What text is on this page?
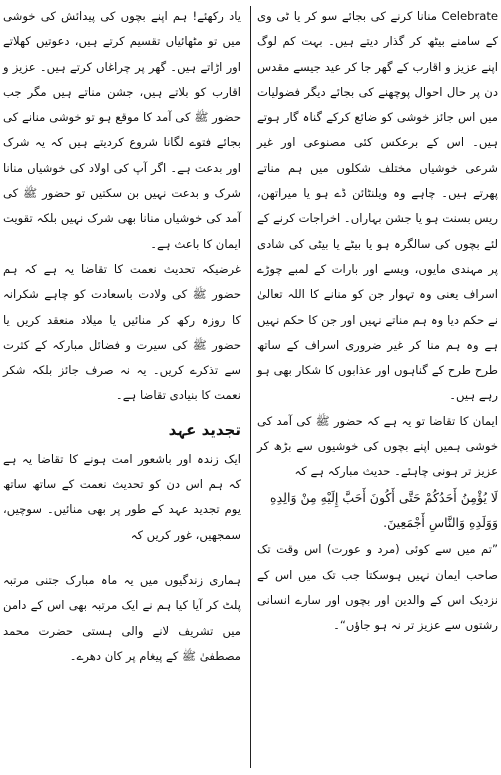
Celebrate منانا کرنے کی بجائے سو کر یا ٹی وی کے سامنے بیٹھ کر گذار دیتے ہیں۔ بہت کم لوگ اپنے عزیز و اقارب کے گھر جا کر عید جیسے مقدس دن پر حال احوال پوچھنے کی بجائے دیگر فضولیات میں اس جائز خوشی کو ضائع کرکے گناہ گار ہوتے ہیں۔ اس کے برعکس کئی مصنوعی اور غیر شرعی خوشیاں مختلف شکلوں میں ہم مناتے پھرتے ہیں۔ چاہے وہ ویلنٹائن ڈے ہو یا میراتھن، ریس بسنت ہو یا جشن بہاراں۔ اخراجات کرنے کے لئے بچوں کی سالگرہ ہو یا بیٹے یا بیٹی کی شادی پر مہندی مایوں، ویسے اور بارات کے لمبے چوڑے اسراف یعنی وہ تہوار جن کو منانے کا اللہ تعالیٰ نے حکم دیا وہ ہم مناتے نہیں اور جن کا حکم نہیں ہے وہ ہم منا کر غیر ضروری اسراف کے ساتھ طرح طرح کے گناہوں اور عذابوں کا شکار بھی ہو رہے ہیں۔

ایمان کا تقاضا تو یہ ہے کہ حضور ﷺ کی آمد کی خوشی ہمیں اپنے بچوں کی خوشیوں سے بڑھ کر عزیز تر ہونی چاہئے۔ حدیث مبارکہ ہے کہ

لَا يُؤْمِنُ أَحَدُكُمْ حَتَّى أَكُونَ أَحَبَّ إِلَيْهِ مِنْ وَالِدِهِ وَوَلَدِهِ وَالنَّاسِ أَجْمَعِينَ.

”تم میں سے کوئی (مرد و عورت) اس وقت تک صاحب ایمان نہیں ہوسکتا جب تک میں اس کے نزدیک اس کے والدین اور بچوں اور سارے انسانی رشتوں سے عزیز تر نہ ہو جاؤں“۔

یاد رکھئے! ہم اپنے بچوں کی پیدائش کی خوشی میں تو مٹھائیاں تقسیم کرتے ہیں، دعوتیں کھلاتے اور اڑاتے ہیں۔ گھر پر چراغاں کرتے ہیں۔ عزیز و اقارب کو بلاتے ہیں، جشن مناتے ہیں مگر جب حضور ﷺ کی آمد کا موقع ہو تو خوشی منانے کی بجائے فتوے لگانا شروع کردیتے ہیں کہ یہ شرک اور بدعت ہے۔ اگر آپ کی اولاد کی خوشیاں منانا شرک و بدعت نہیں بن سکتیں تو حضور ﷺ کی آمد کی خوشیاں منانا بھی شرک نہیں بلکہ تقویت ایمان کا باعث ہے۔

غرضیکہ تحدیث نعمت کا تقاضا یہ ہے کہ ہم حضور ﷺ کی ولادت باسعادت کو چاہے شکرانہ کا روزہ رکھ کر منائیں یا میلاد منعقد کریں یا حضور ﷺ کی سیرت و فضائل مبارکہ کے کثرت سے تذکرے کریں۔ یہ نہ صرف جائز بلکہ شکر نعمت کا بنیادی تقاضا ہے۔

تجدید عہد

ایک زندہ اور باشعور امت ہونے کا تقاضا یہ ہے کہ ہم اس دن کو تحدیث نعمت کے ساتھ ساتھ یوم تجدید عہد کے طور پر بھی منائیں۔ سوچیں، سمجھیں، غور کریں کہ

ہماری زندگیوں میں یہ ماہ مبارک جتنی مرتبہ پلٹ کر آیا کیا ہم نے ایک مرتبہ بھی اس کے دامن میں تشریف لانے والی ہستی حضرت محمد مصطفیٰ ﷺ کے پیغام پر کان دھرے۔
